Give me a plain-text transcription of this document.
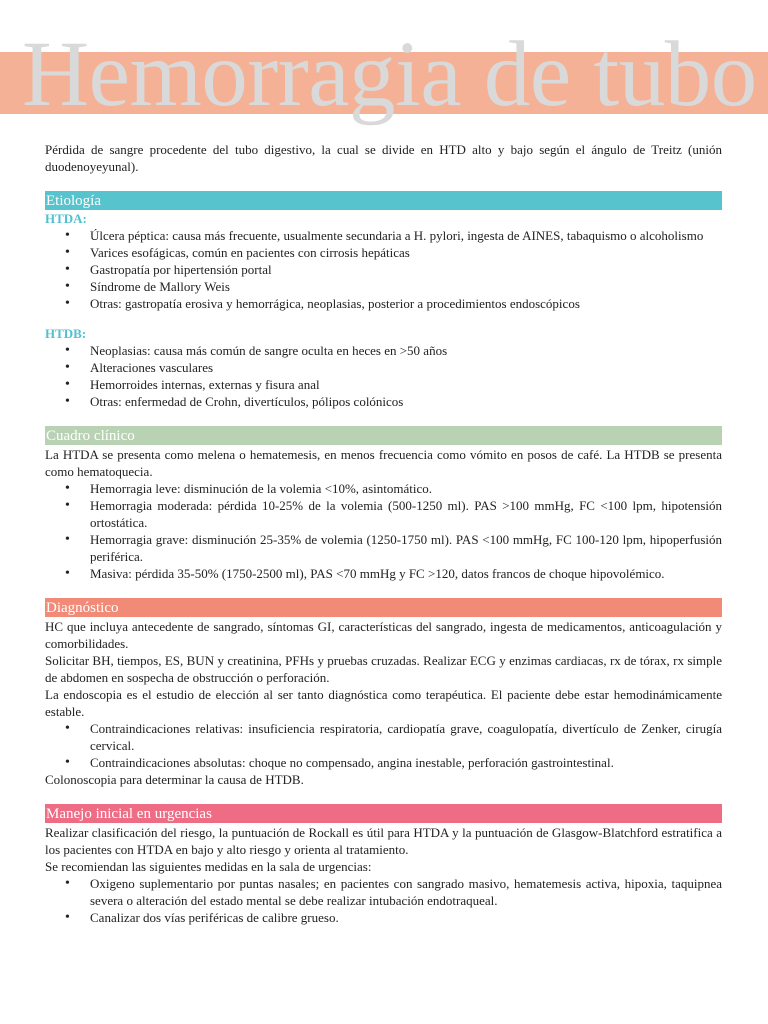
Hemorragia de tubo

Pérdida de sangre procedente del tubo digestivo, la cual se divide en HTD alto y bajo según el ángulo de Treitz (unión duodenoyeyunal).

Etiología
HTDA:
• Úlcera péptica: causa más frecuente, usualmente secundaria a H. pylori, ingesta de AINES, tabaquismo o alcoholismo
• Varices esofágicas, común en pacientes con cirrosis hepáticas
• Gastropatía por hipertensión portal
• Síndrome de Mallory Weis
• Otras: gastropatía erosiva y hemorrágica, neoplasias, posterior a procedimientos endoscópicos
HTDB:
• Neoplasias: causa más común de sangre oculta en heces en >50 años
• Alteraciones vasculares
• Hemorroides internas, externas y fisura anal
• Otras: enfermedad de Crohn, divertículos, pólipos colónicos
Cuadro clínico

La HTDA se presenta como melena o hematemesis, en menos frecuencia como vómito en posos de café. La HTDB se presenta como hematoquecia.

• Hemorragia leve: disminución de la volemia <10%, asintomático.
• Hemorragia moderada: pérdida 10-25% de la volemia (500-1250 ml). PAS >100 mmHg, FC <100 lpm, hipotensión ortostática.
• Hemorragia grave: disminución 25-35% de volemia (1250-1750 ml). PAS <100 mmHg, FC 100-120 lpm, hipoperfusión periférica.
• Masiva: pérdida 35-50% (1750-2500 ml), PAS <70 mmHg y FC >120, datos francos de choque hipovolémico.
Diagnóstico

HC que incluya antecedente de sangrado, síntomas GI, características del sangrado, ingesta de medicamentos, anticoagulación y comorbilidades.

Solicitar BH, tiempos, ES, BUN y creatinina, PFHs y pruebas cruzadas. Realizar ECG y enzimas cardiacas, rx de tórax, rx simple de abdomen en sospecha de obstrucción o perforación.

La endoscopia es el estudio de elección al ser tanto diagnóstica como terapéutica. El paciente debe estar hemodinámicamente estable.

• Contraindicaciones relativas: insuficiencia respiratoria, cardiopatía grave, coagulopatía, divertículo de Zenker, cirugía cervical.
• Contraindicaciones absolutas: choque no compensado, angina inestable, perforación gastrointestinal.

Colonoscopia para determinar la causa de HTDB.

Manejo inicial en urgencias

Realizar clasificación del riesgo, la puntuación de Rockall es útil para HTDA y la puntuación de Glasgow-Blatchford estratifica a los pacientes con HTDA en bajo y alto riesgo y orienta al tratamiento.

Se recomiendan las siguientes medidas en la sala de urgencias:

• Oxigeno suplementario por puntas nasales; en pacientes con sangrado masivo, hematemesis activa, hipoxia, taquipnea severa o alteración del estado mental se debe realizar intubación endotraqueal.
• Canalizar dos vías periféricas de calibre grueso.
